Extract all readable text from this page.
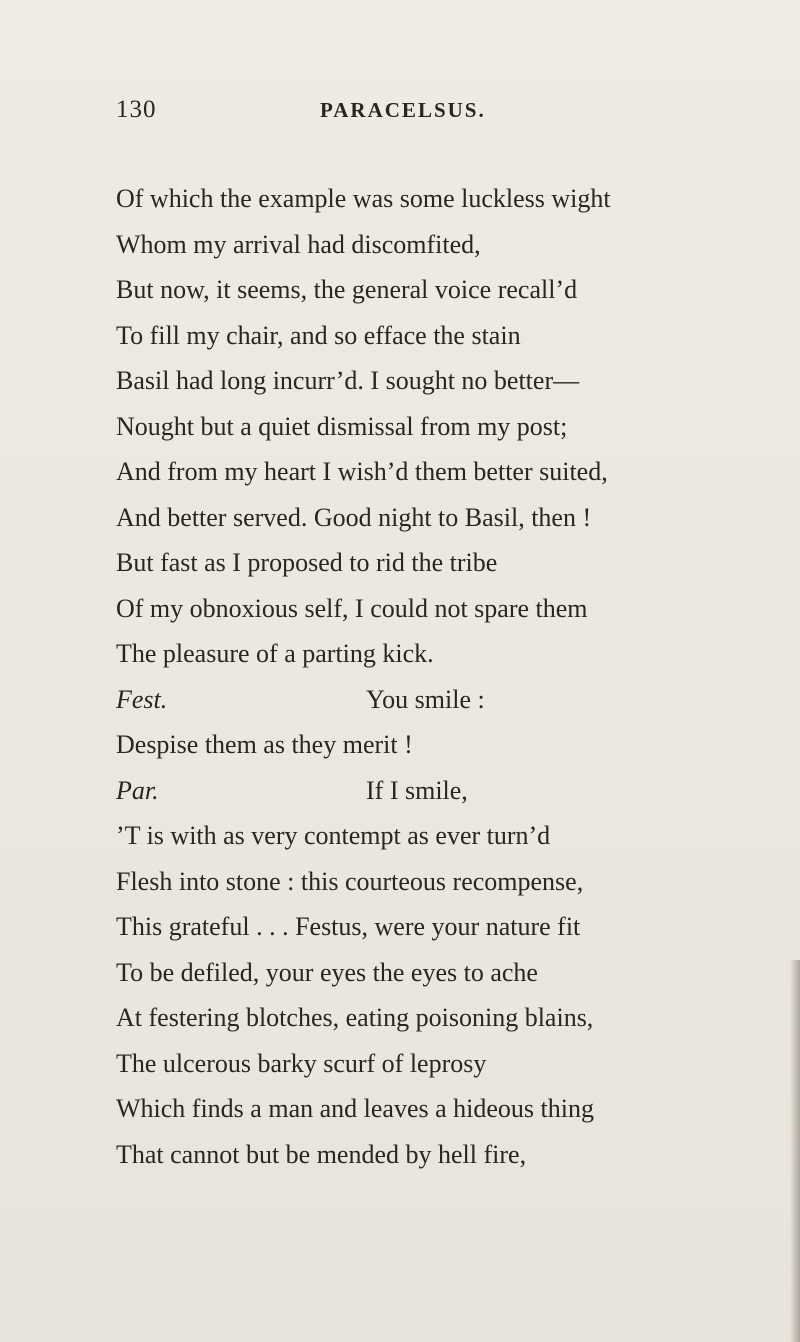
130	PARACELSUS.
Of which the example was some luckless wight
Whom my arrival had discomfited,
But now, it seems, the general voice recall’d
To fill my chair, and so efface the stain
Basil had long incurr’d. I sought no better—
Nought but a quiet dismissal from my post;
And from my heart I wish’d them better suited,
And better served. Good night to Basil, then !
But fast as I proposed to rid the tribe
Of my obnoxious self, I could not spare them
The pleasure of a parting kick.
Fest.	You smile :
Despise them as they merit !
Par.	If I smile,
’T is with as very contempt as ever turn’d
Flesh into stone : this courteous recompense,
This grateful . . . Festus, were your nature fit
To be defiled, your eyes the eyes to ache
At festering blotches, eating poisoning blains,
The ulcerous barky scurf of leprosy
Which finds a man and leaves a hideous thing
That cannot but be mended by hell fire,
